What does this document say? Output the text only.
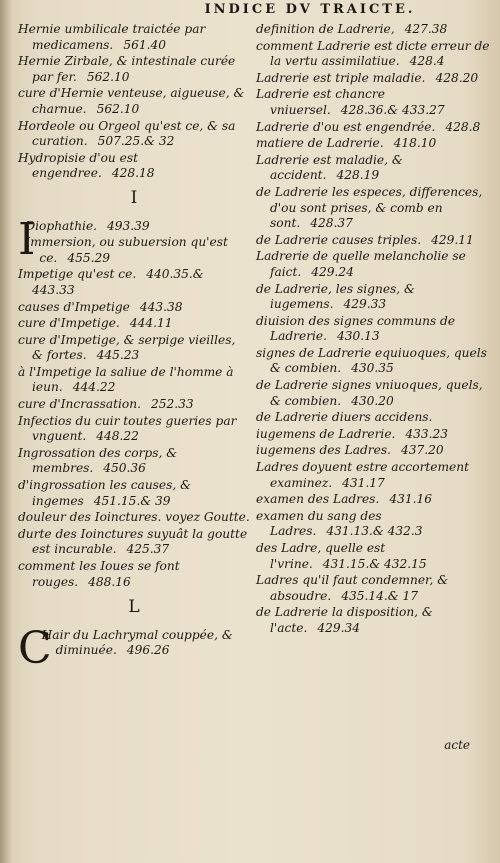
INDICE DV TRAICTE.
Hernie umbilicale traictée par medicamens. 561.40
Hernie Zirbale, & intestinale curée par fer. 562.10
cure d'Hernie venteuse, aigueuse, & charnue. 562.10
Hordeole ou Orgeol qu'est ce, & sa curation. 507.25.& 32
Hydropisie d'ou est engendree. 428.18
I
I
Diophathie. 493.39
Immersion, ou subuersion qu'est ce. 455.29
Impetige qu'est ce. 440.35.& 443.33
causes d'Impetige 443.38
cure d'Impetige. 444.11
cure d'Impetige, & serpige vieilles, & fortes. 445.23
à l'Impetige la saliue de l'homme à ieun. 444.22
cure d'Incrassation. 252.33
Infectios du cuir toutes gueries par vnguent. 448.22
Ingrossation des corps, & membres. 450.36
d'ingrossation les causes, & ingemes 451.15.& 39
douleur des Ioinctures. voyez Goutte.
durte des Ioinctures suyuât la goutte est incurable. 425.37
comment les Ioues se font rouges. 488.16
L
C
Hair du Lachrymal couppée, & diminuée. 496.26
definition de Ladrerie, 427.38
comment Ladrerie est dicte erreur de la vertu assimilatiue. 428.4
Ladrerie est triple maladie. 428.20
Ladrerie est chancre vniuersel. 428.36.& 433.27
Ladrerie d'ou est engendrée. 428.8
matiere de Ladrerie. 418.10
Ladrerie est maladie, & accident. 428.19
de Ladrerie les especes, differences, d'ou sont prises, & comb en sont. 428.37
de Ladrerie causes triples. 429.11
Ladrerie de quelle melancholie se faict. 429.24
de Ladrerie, les signes, & iugemens. 429.33
diuision des signes communs de Ladrerie. 430.13
signes de Ladrerie equiuoques, quels & combien. 430.35
de Ladrerie signes vniuoques, quels, & combien. 430.20
de Ladrerie diuers accidens.
iugemens de Ladrerie. 433.23
iugemens des Ladres. 437.20
Ladres doyuent estre accortement examinez. 431.17
examen des Ladres. 431.16
examen du sang des Ladres. 431.13.& 432.3
des Ladre, quelle est l'vrine. 431.15.& 432.15
Ladres qu'il faut condemner, & absoudre. 435.14.& 17
de Ladrerie la disposition, & l'acte. 429.34
acte
